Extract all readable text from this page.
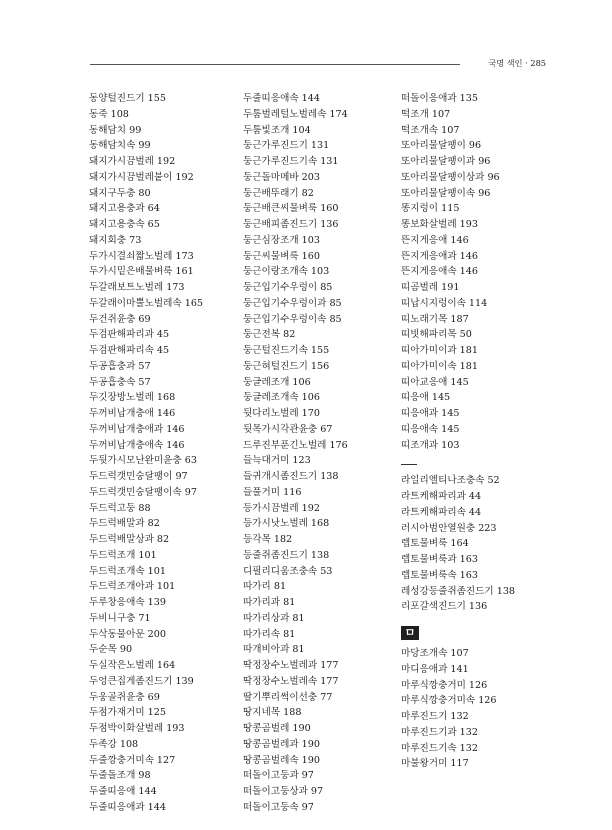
국명 색인 · 285
동양털진드기 155
동죽 108
동해담치 99
동해담치속 99
돼지가시끔벌레 192
돼지가시끔벌레붙이 192
돼지구두충 80
돼지고용충과 64
돼지고용충속 65
돼지회충 73
두가시결쇠짧노벌레 173
두가시밑은배물벼룩 161
두갈래보트노벌레 173
두갈래이마뿔노벌레속 165
두건쥐윤충 69
두검판해파리과 45
두검판해파리속 45
두공흡충과 57
두공흡충속 57
두깃장방노벌레 168
두꺼비납개충애 146
두꺼비납개충애과 146
두꺼비납개충애속 146
두뒷가시모난완미윤충 63
두드럭갯민숭달팽이 97
두드럭갯민숭달팽이속 97
두드럭고둥 88
두드럭배말과 82
두드럭배말상과 82
두드럭조개 101
두드럭조개속 101
두드럭조개아과 101
두루창응애속 139
두비니구충 71
두삭동물아문 200
두순목 90
두실작은노벌레 164
두엉큰집게좀진드기 139
두웅골쥐윤충 69
두점가재거미 125
두점박이화살벌레 193
두족강 108
두줄깡충거미속 127
두줄돌조개 98
두줄띠응애 144
두줄띠응애과 144
두줄띠응애속 144
두툼벌레털노벌레속 174
두툼빛조개 104
둥근가루진드기 131
둥근가루진드기속 131
둥근돌마메바 203
둥근배뚜래기 82
둥근배큰씨물벼룩 160
둥근배피좀진드기 136
둥근심장조개 103
둥근씨물벼룩 160
둥근이랑조개속 103
둥근입기수우렁이 85
둥근입기수우렁이과 85
둥근입기수우렁이속 85
둥근전복 82
둥근털진드기속 155
둥근혀털진드기 156
둥글레조개 106
둥글레조개속 106
뒷다리노벌레 170
뒷목가시각관윤충 67
드루진부푼긴노벌레 176
들늑대거미 123
들귀개시좀진드기 138
들풀거미 116
등가시끔벌레 192
등가시낫노벌레 168
등각목 182
등줄쥐좀진드기 138
디필리디움조충속 53
따가리 81
따가리과 81
따가리상과 81
따가리속 81
따개비아과 81
딱정장수노벌레과 177
딱정장수노벌레속 177
딸기뿌리썩이선충 77
땅지네목 188
땅콩곰벌레 190
땅콩곰벌레과 190
땅콩곰벌레속 190
떠돌이고둥과 97
떠돌이고둥상과 97
떠돌이고둥속 97
떠돌이응애과 135
떡조개 107
떡조개속 107
또아리물달팽이 96
또아리물달팽이과 96
또아리물달팽이상과 96
또아리물달팽이속 96
똥지렁이 115
똥보화살벌레 193
뜬지게응애 146
뜬지게응애과 146
뜬지게응애속 146
띠곰벌레 191
띠납시지렁이속 114
띠노래기목 187
띠빗해파리목 50
띠아가미이과 181
띠아가미이속 181
띠아교응애 145
띠응애 145
띠응애과 145
띠응애속 145
띠조개과 103
라일리엘티나조충속 52
라트케해파리과 44
라트케해파리속 44
러시아범안열원충 223
렙토물벼룩 164
렙토물벼룩과 163
렙토물벼룩속 163
레성강등줄쥐좀진드기 138
리포갈색진드기 136
ㅁ
마당조개속 107
마디응애과 141
마루식깡충거미 126
마루식깡충거미속 126
마루진드기 132
마루진드기과 132
마루진드기속 132
마불왕거미 117
